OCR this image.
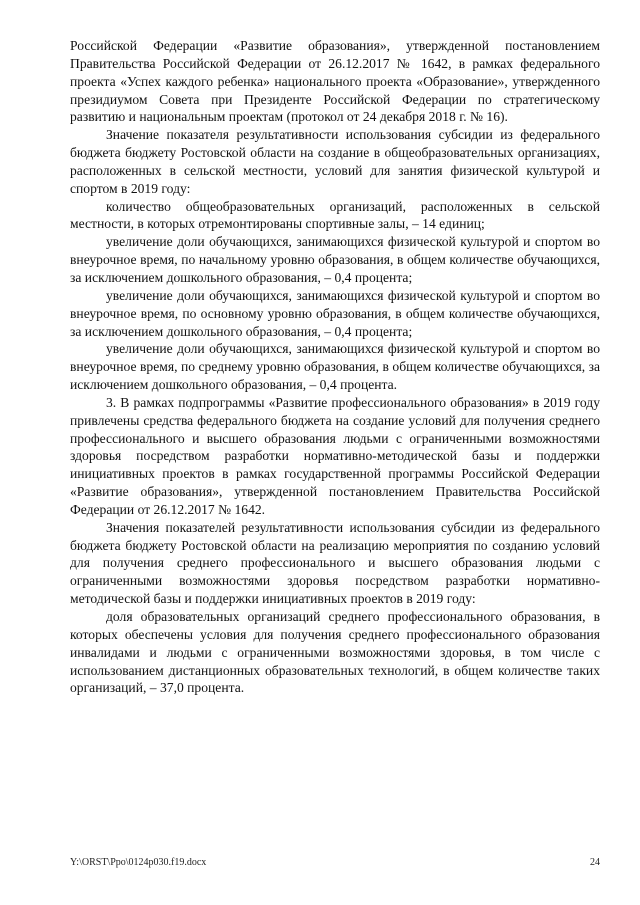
Российской Федерации «Развитие образования», утвержденной постановлением Правительства Российской Федерации от 26.12.2017 № 1642, в рамках федерального проекта «Успех каждого ребенка» национального проекта «Образование», утвержденного президиумом Совета при Президенте Российской Федерации по стратегическому развитию и национальным проектам (протокол от 24 декабря 2018 г. № 16).

Значение показателя результативности использования субсидии из федерального бюджета бюджету Ростовской области на создание в общеобразовательных организациях, расположенных в сельской местности, условий для занятия физической культурой и спортом в 2019 году:

количество общеобразовательных организаций, расположенных в сельской местности, в которых отремонтированы спортивные залы, – 14 единиц;

увеличение доли обучающихся, занимающихся физической культурой и спортом во внеурочное время, по начальному уровню образования, в общем количестве обучающихся, за исключением дошкольного образования, – 0,4 процента;

увеличение доли обучающихся, занимающихся физической культурой и спортом во внеурочное время, по основному уровню образования, в общем количестве обучающихся, за исключением дошкольного образования, – 0,4 процента;

увеличение доли обучающихся, занимающихся физической культурой и спортом во внеурочное время, по среднему уровню образования, в общем количестве обучающихся, за исключением дошкольного образования, – 0,4 процента.

3. В рамках подпрограммы «Развитие профессионального образования» в 2019 году привлечены средства федерального бюджета на создание условий для получения среднего профессионального и высшего образования людьми с ограниченными возможностями здоровья посредством разработки нормативно-методической базы и поддержки инициативных проектов в рамках государственной программы Российской Федерации «Развитие образования», утвержденной постановлением Правительства Российской Федерации от 26.12.2017 № 1642.

Значения показателей результативности использования субсидии из федерального бюджета бюджету Ростовской области на реализацию мероприятия по созданию условий для получения среднего профессионального и высшего образования людьми с ограниченными возможностями здоровья посредством разработки нормативно-методической базы и поддержки инициативных проектов в 2019 году:

доля образовательных организаций среднего профессионального образования, в которых обеспечены условия для получения среднего профессионального образования инвалидами и людьми с ограниченными возможностями здоровья, в том числе с использованием дистанционных образовательных технологий, в общем количестве таких организаций, – 37,0 процента.

Y:\ORST\Ppo\0124p030.f19.docx	24
